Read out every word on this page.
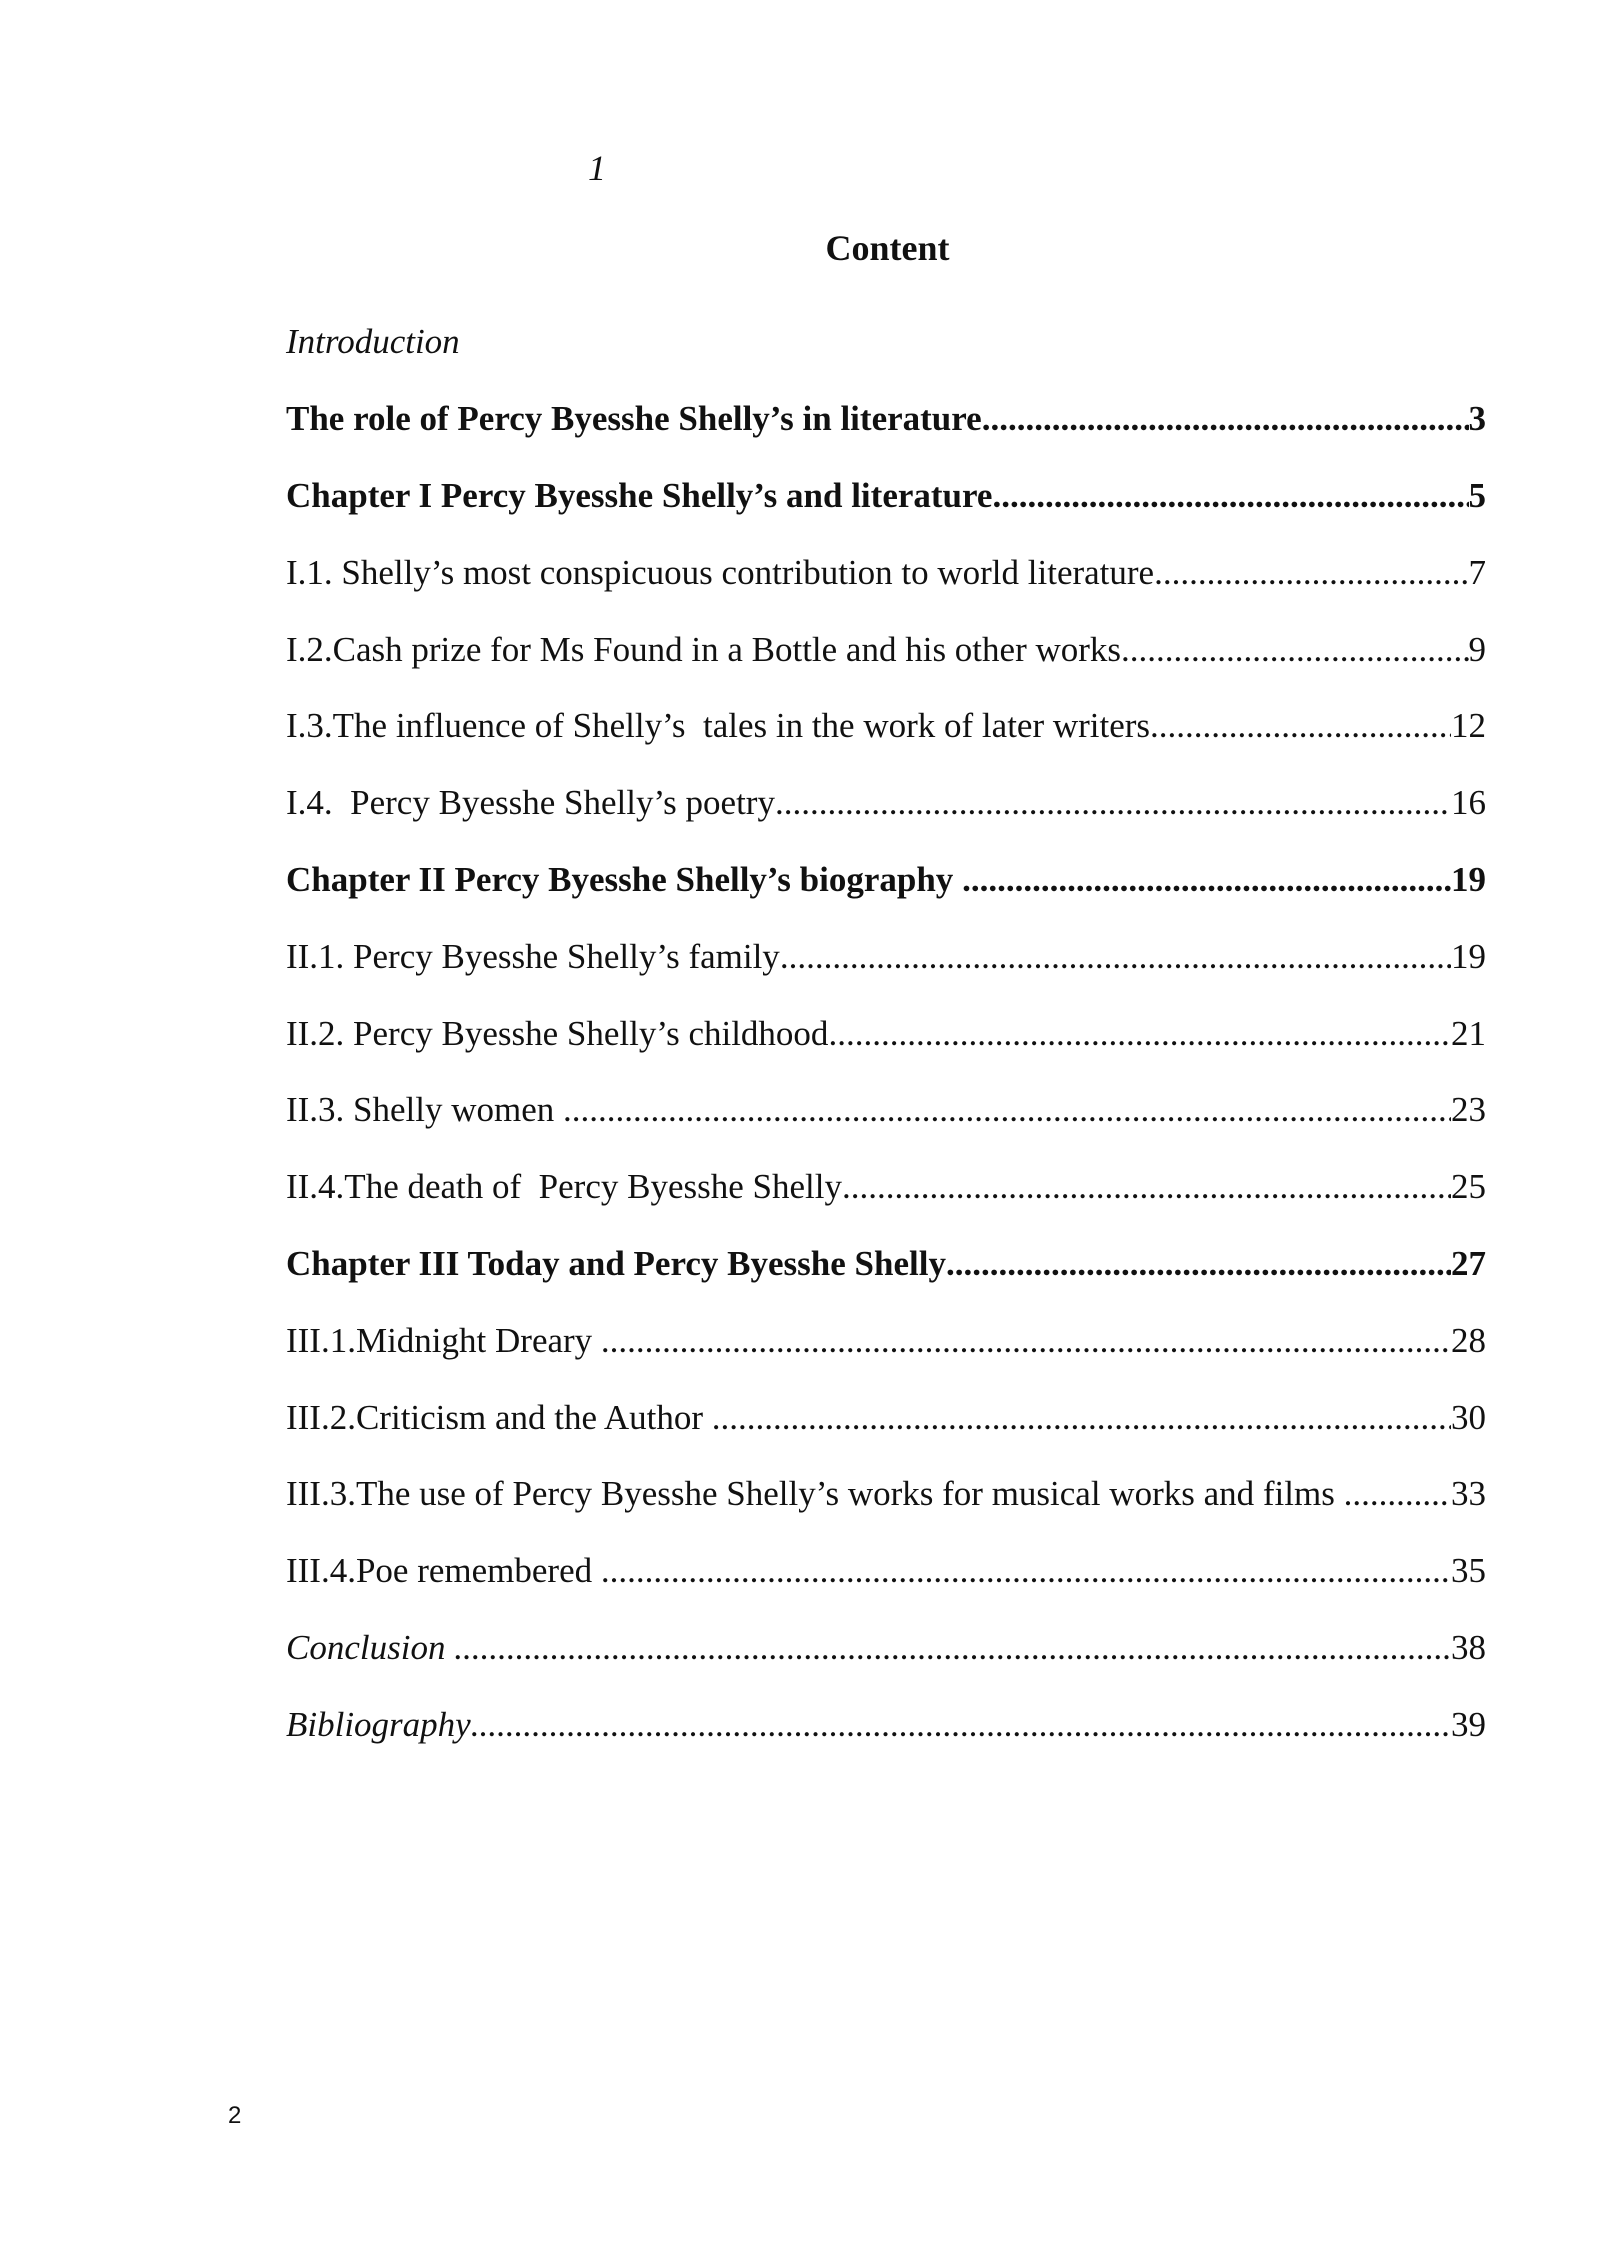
1
Content
Introduction
The role of Percy Byesshe Shelly’s in literature .....	3
Chapter I Percy Byesshe Shelly’s and literature .....	5
I.1. Shelly’s most conspicuous contribution to world literature .....	7
I.2.Cash prize for Ms Found in a Bottle and his other works .....	9
I.3.The influence of Shelly’s  tales in the work of later writers .....	12
I.4.  Percy Byesshe Shelly’s poetry .....	16
Chapter II Percy Byesshe Shelly’s biography .....	19
II.1. Percy Byesshe Shelly’s family .....	19
II.2. Percy Byesshe Shelly’s childhood .....	21
II.3. Shelly women .....	23
II.4.The death of  Percy Byesshe Shelly .....	25
Chapter III Today and Percy Byesshe Shelly .....	27
III.1.Midnight Dreary .....	28
III.2.Criticism and the Author .....	30
III.3.The use of Percy Byesshe Shelly’s works for musical works and films .....	33
III.4.Poe remembered .....	35
Conclusion .....	38
Bibliography .....	39
2
